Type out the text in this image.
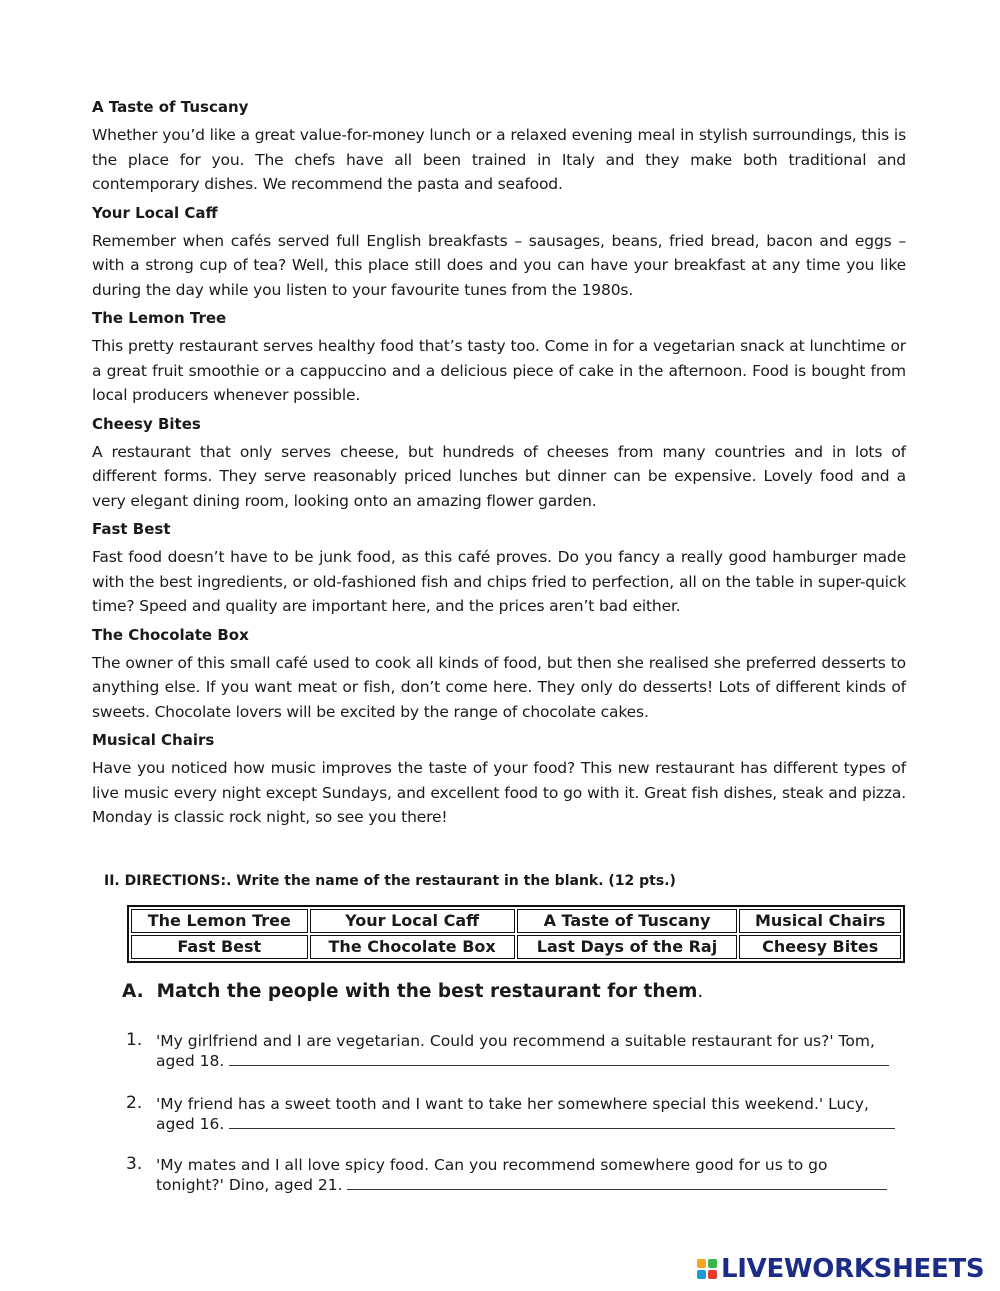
A Taste of Tuscany

Whether you’d like a great value-for-money lunch or a relaxed evening meal in stylish surroundings, this is the place for you. The chefs have all been trained in Italy and they make both traditional and contemporary dishes. We recommend the pasta and seafood.

Your Local Caff

Remember when cafés served full English breakfasts – sausages, beans, fried bread, bacon and eggs – with a strong cup of tea? Well, this place still does and you can have your breakfast at any time you like during the day while you listen to your favourite tunes from the 1980s.

The Lemon Tree

This pretty restaurant serves healthy food that’s tasty too. Come in for a vegetarian snack at lunchtime or a great fruit smoothie or a cappuccino and a delicious piece of cake in the afternoon. Food is bought from local producers whenever possible.

Cheesy Bites

A restaurant that only serves cheese, but hundreds of cheeses from many countries and in lots of different forms. They serve reasonably priced lunches but dinner can be expensive. Lovely food and a very elegant dining room, looking onto an amazing flower garden.

Fast Best

Fast food doesn’t have to be junk food, as this café proves. Do you fancy a really good hamburger made with the best ingredients, or old-fashioned fish and chips fried to perfection, all on the table in super-quick time? Speed and quality are important here, and the prices aren’t bad either.

The Chocolate Box

The owner of this small café used to cook all kinds of food, but then she realised she preferred desserts to anything else. If you want meat or fish, don’t come here. They only do desserts! Lots of different kinds of sweets. Chocolate lovers will be excited by the range of chocolate cakes.

Musical Chairs

Have you noticed how music improves the taste of your food? This new restaurant has different types of live music every night except Sundays, and excellent food to go with it. Great fish dishes, steak and pizza. Monday is classic rock night, so see you there!

II. DIRECTIONS:. Write the name of the restaurant in the blank. (12 pts.)

The Lemon Tree	Your Local Caff	A Taste of Tuscany	Musical Chairs
Fast Best	The Chocolate Box	Last Days of the Raj	Cheesy Bites

A. Match the people with the best restaurant for them.

1. 'My girlfriend and I are vegetarian. Could you recommend a suitable restaurant for us?' Tom,
aged 18.
2. 'My friend has a sweet tooth and I want to take her somewhere special this weekend.' Lucy,
aged 16.
3. 'My mates and I all love spicy food. Can you recommend somewhere good for us to go
tonight?' Dino, aged 21.
LIVEWORKSHEETS
